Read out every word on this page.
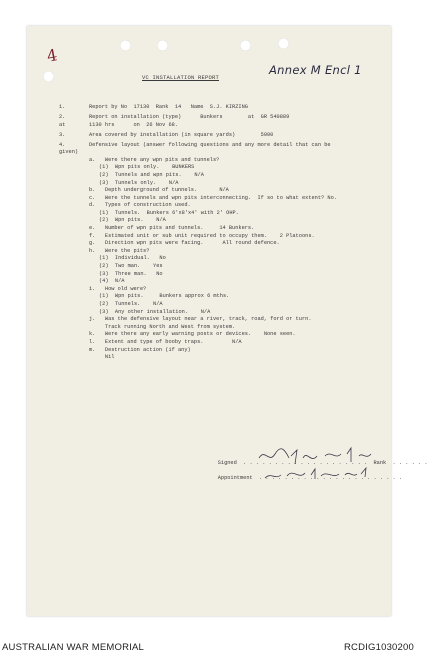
4
Annex M Encl 1
VC INSTALLATION REPORT
1.	Report by No  17130  Rank  14   Name  S.J. KIRZING
2.	Report on installation (type)      Bunkers        at  GR 540889
at	1130 hrs      on  26 Nov 68.
3.	Area covered by installation (in square yards)        5000
4.	Defensive layout (answer following questions and any more detail that can be
given)
a.   Were there any wpn pits and tunnels?
(1)  Wpn pits only.    BUNKERS
(2)  Tunnels and wpn pits.    N/A
(3)  Tunnels only.    N/A
b.   Depth underground of tunnels.       N/A
c.   Were the tunnels and wpn pits interconnecting.  If so to what extent? No.
d.   Types of construction used.
(1)  Tunnels.  Bunkers 6'x8'x4' with 2' OHP.
(2)  Wpn pits.    N/A
e.   Number of wpn pits and tunnels.     14 Bunkers.
f.   Estimated unit or sub unit required to occupy them.    2 Platoons.
g.   Direction wpn pits were facing.      All round defence.
h.   Were the pits?
(1)  Individual.   No
(2)  Two man.    Yes
(3)  Three man.   No
(4)  N/A
i.   How old were?
(1)  Wpn pits.     Bunkers approx 6 mths.
(2)  Tunnels.    N/A
(3)  Any other installation.    N/A
j.   Was the defensive layout near a river, track, road, ford or turn.
Track running North and West from system.
k.   Were there any early warning posts or devices.    None seen.
l.   Extent and type of booby traps.         N/A
m.   Destruction action (if any)
Nil

Signed  . . . . . . . . . . . . . . . . . . . .  Rank  . . . . . .

Appointment  . . . . . . . . . . . . . . . . . . . . . . .

AUSTRALIAN WAR MEMORIAL	RCDIG1030200
